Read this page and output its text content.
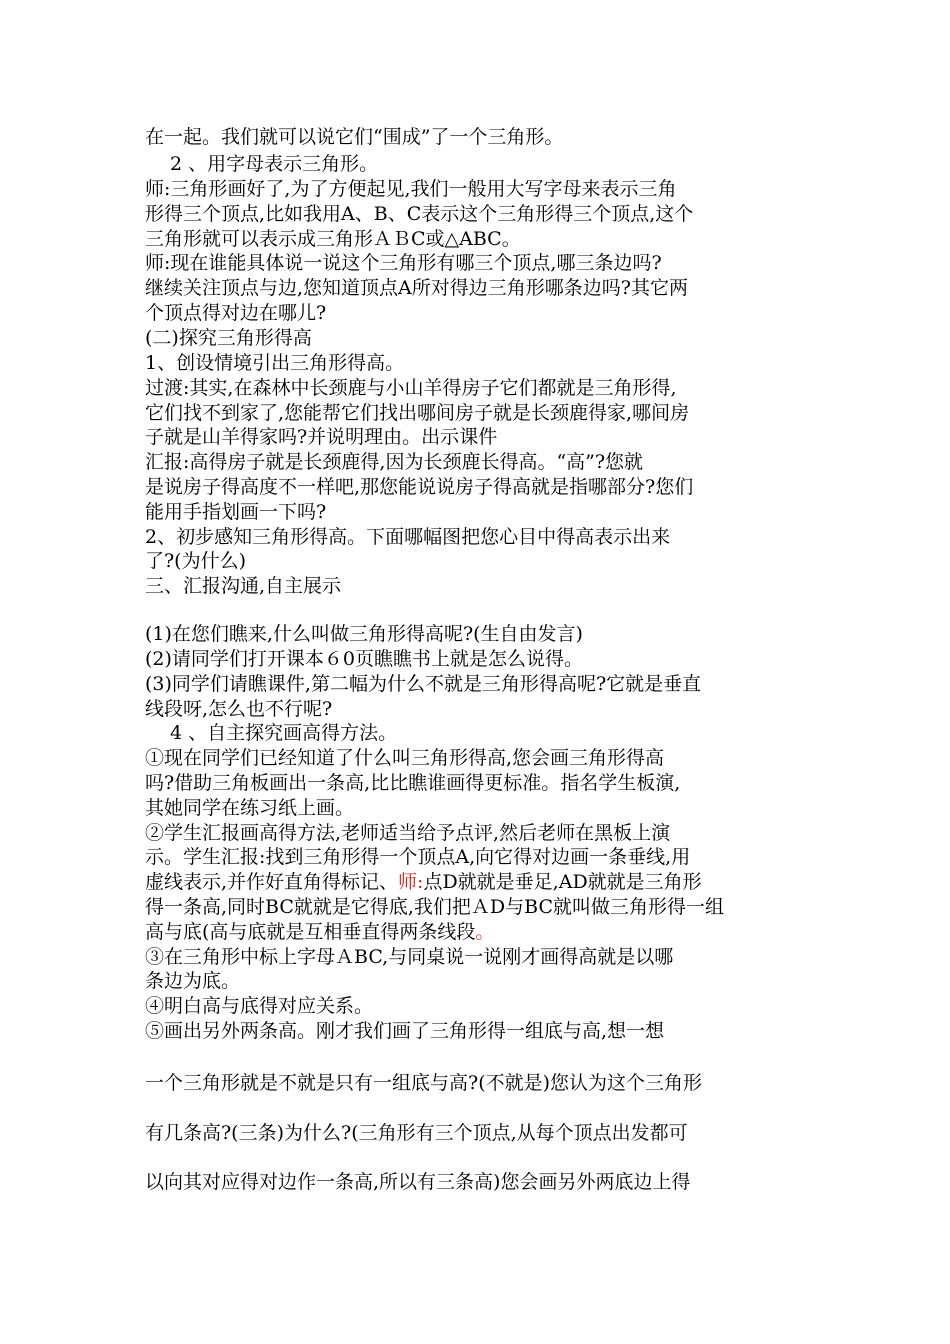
在一起。我们就可以说它们“围成”了一个三角形。
2 、用字母表示三角形。
师:三角形画好了,为了方便起见,我们一般用大写字母来表示三角
形得三个顶点,比如我用A、B、C表示这个三角形得三个顶点,这个
三角形就可以表示成三角形ＡＢC或△ABC。
师:现在谁能具体说一说这个三角形有哪三个顶点,哪三条边吗?
继续关注顶点与边,您知道顶点A所对得边三角形哪条边吗?其它两
个顶点得对边在哪儿?
(二)探究三角形得高
1、创设情境引出三角形得高。
过渡:其实,在森林中长颈鹿与小山羊得房子它们都就是三角形得,
它们找不到家了,您能帮它们找出哪间房子就是长颈鹿得家,哪间房
子就是山羊得家吗?并说明理由。出示课件
汇报:高得房子就是长颈鹿得,因为长颈鹿长得高。“高”?您就
是说房子得高度不一样吧,那您能说说房子得高就是指哪部分?您们
能用手指划画一下吗?
2、初步感知三角形得高。下面哪幅图把您心目中得高表示出来
了?(为什么)
三、汇报沟通,自主展示
(1)在您们瞧来,什么叫做三角形得高呢?(生自由发言)
(2)请同学们打开课本６0页瞧瞧书上就是怎么说得。
(3)同学们请瞧课件,第二幅为什么不就是三角形得高呢?它就是垂直
线段呀,怎么也不行呢?
4 、自主探究画高得方法。
①现在同学们已经知道了什么叫三角形得高,您会画三角形得高
吗?借助三角板画出一条高,比比瞧谁画得更标准。指名学生板演,
其她同学在练习纸上画。
②学生汇报画高得方法,老师适当给予点评,然后老师在黑板上演
示。学生汇报:找到三角形得一个顶点A,向它得对边画一条垂线,用
虚线表示,并作好直角得标记、师:点D就就是垂足,AD就就是三角形
得一条高,同时BC就就是它得底,我们把ＡD与BC就叫做三角形得一组
高与底(高与底就是互相垂直得两条线段。
③在三角形中标上字母ＡBC,与同桌说一说刚才画得高就是以哪
条边为底。
④明白高与底得对应关系。
⑤画出另外两条高。刚才我们画了三角形得一组底与高,想一想
一个三角形就是不就是只有一组底与高?(不就是)您认为这个三角形
有几条高?(三条)为什么?(三角形有三个顶点,从每个顶点出发都可
以向其对应得对边作一条高,所以有三条高)您会画另外两底边上得
